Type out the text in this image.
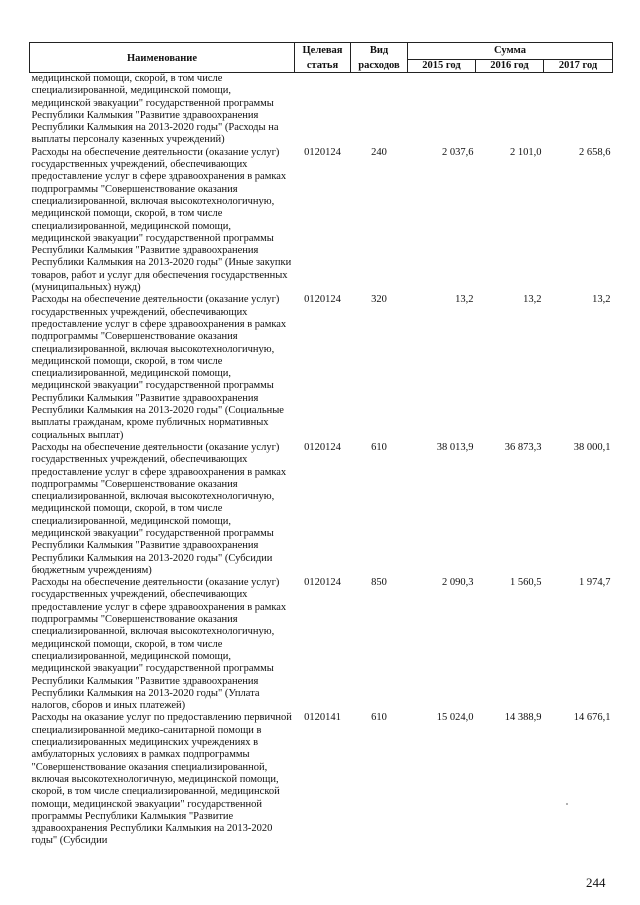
	Целевая	Вид	Сумма		
Наименование	статья	расходов	2015 год	2016 год	2017 год
медицинской помощи, скорой, в том числе специализированной, медицинской помощи, медицинской эвакуации" государственной программы Республики Калмыкия "Развитие здравоохранения Республики Калмыкия на 2013-2020 годы" (Расходы на выплаты персоналу казенных учреждений)					
Расходы на обеспечение деятельности (оказание услуг) государственных учреждений, обеспечивающих предоставление услуг в сфере здравоохранения в рамках подпрограммы "Совершенствование оказания специализированной, включая высокотехнологичную, медицинской помощи, скорой, в том числе специализированной, медицинской помощи, медицинской эвакуации" государственной программы Республики Калмыкия "Развитие здравоохранения Республики Калмыкия на 2013-2020 годы" (Иные закупки товаров, работ и услуг для обеспечения государственных (муниципальных) нужд)	0120124	240	2 037,6	2 101,0	2 658,6
Расходы на обеспечение деятельности (оказание услуг) государственных учреждений, обеспечивающих предоставление услуг в сфере здравоохранения в рамках подпрограммы "Совершенствование оказания специализированной, включая высокотехнологичную, медицинской помощи, скорой, в том числе специализированной, медицинской помощи, медицинской эвакуации" государственной программы Республики Калмыкия "Развитие здравоохранения Республики Калмыкия на 2013-2020 годы" (Социальные выплаты гражданам, кроме публичных нормативных социальных выплат)	0120124	320	13,2	13,2	13,2
Расходы на обеспечение деятельности (оказание услуг) государственных учреждений, обеспечивающих предоставление услуг в сфере здравоохранения в рамках подпрограммы "Совершенствование оказания специализированной, включая высокотехнологичную, медицинской помощи, скорой, в том числе специализированной, медицинской помощи, медицинской эвакуации" государственной программы Республики Калмыкия "Развитие здравоохранения Республики Калмыкия на 2013-2020 годы" (Субсидии бюджетным учреждениям)	0120124	610	38 013,9	36 873,3	38 000,1
Расходы на обеспечение деятельности (оказание услуг) государственных учреждений, обеспечивающих предоставление услуг в сфере здравоохранения в рамках подпрограммы "Совершенствование оказания специализированной, включая высокотехнологичную, медицинской помощи, скорой, в том числе специализированной, медицинской помощи, медицинской эвакуации" государственной программы Республики Калмыкия "Развитие здравоохранения Республики Калмыкия на 2013-2020 годы" (Уплата налогов, сборов и иных платежей)	0120124	850	2 090,3	1 560,5	1 974,7
Расходы на оказание услуг по предоставлению первичной специализированной медико-санитарной помощи в специализированных медицинских учреждениях в амбулаторных условиях в рамках подпрограммы "Совершенствование оказания специализированной, включая высокотехнологичную, медицинской помощи, скорой, в том числе специализированной, медицинской помощи, медицинской эвакуации" государственной программы Республики Калмыкия "Развитие здравоохранения Республики Калмыкия на 2013-2020 годы" (Субсидии	0120141	610	15 024,0	14 388,9	14 676,1
244
